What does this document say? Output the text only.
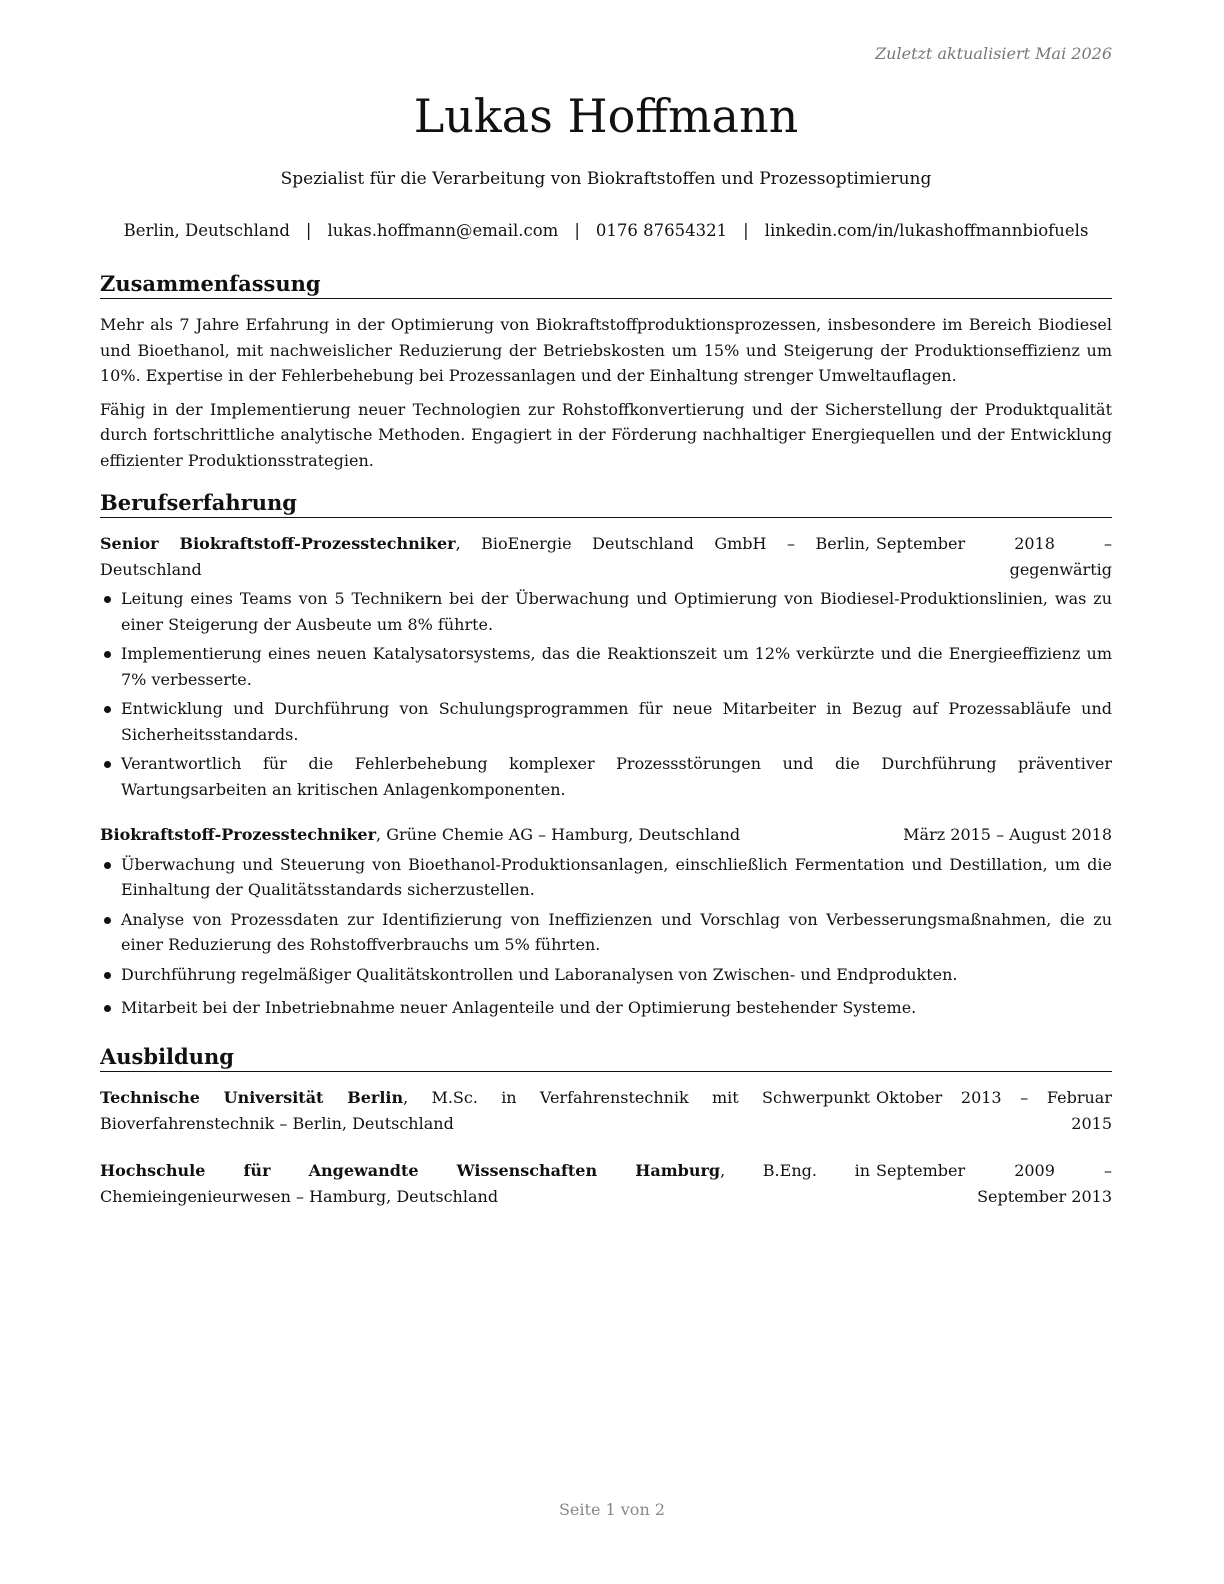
Zuletzt aktualisiert Mai 2026
Lukas Hoffmann
Spezialist für die Verarbeitung von Biokraftstoffen und Prozessoptimierung
Berlin, Deutschland | lukas.hoffmann@email.com | 0176 87654321 | linkedin.com/in/lukashoffmannbiofuels
Zusammenfassung

Mehr als 7 Jahre Erfahrung in der Optimierung von Biokraftstoffproduktionsprozessen, insbesondere im Bereich Biodiesel und Bioethanol, mit nachweislicher Reduzierung der Betriebskosten um 15% und Steigerung der Produktionseffizienz um 10%. Expertise in der Fehlerbehebung bei Prozessanlagen und der Einhaltung strenger Umweltauflagen.

Fähig in der Implementierung neuer Technologien zur Rohstoffkonvertierung und der Sicherstellung der Produktqualität durch fortschrittliche analytische Methoden. Engagiert in der Förderung nachhaltiger Energiequellen und der Entwicklung effizienter Produktionsstrategien.

Berufserfahrung
Senior Biokraftstoff-Prozesstechniker, BioEnergie Deutschland GmbH – Berlin, Deutschland
September 2018 – gegenwärtig
Leitung eines Teams von 5 Technikern bei der Überwachung und Optimierung von Biodiesel-Produktionslinien, was zu einer Steigerung der Ausbeute um 8% führte.
Implementierung eines neuen Katalysatorsystems, das die Reaktionszeit um 12% verkürzte und die Energieeffizienz um 7% verbesserte.
Entwicklung und Durchführung von Schulungsprogrammen für neue Mitarbeiter in Bezug auf Prozessabläufe und Sicherheitsstandards.
Verantwortlich für die Fehlerbehebung komplexer Prozessstörungen und die Durchführung präventiver Wartungsarbeiten an kritischen Anlagenkomponenten.
Biokraftstoff-Prozesstechniker, Grüne Chemie AG – Hamburg, Deutschland	März 2015 – August 2018
Überwachung und Steuerung von Bioethanol-Produktionsanlagen, einschließlich Fermentation und Destillation, um die Einhaltung der Qualitätsstandards sicherzustellen.
Analyse von Prozessdaten zur Identifizierung von Ineffizienzen und Vorschlag von Verbesserungsmaßnahmen, die zu einer Reduzierung des Rohstoffverbrauchs um 5% führten.
Durchführung regelmäßiger Qualitätskontrollen und Laboranalysen von Zwischen- und Endprodukten.
Mitarbeit bei der Inbetriebnahme neuer Anlagenteile und der Optimierung bestehender Systeme.
Ausbildung
Technische Universität Berlin, M.Sc. in Verfahrenstechnik mit Schwerpunkt Bioverfahrenstechnik – Berlin, Deutschland
Oktober 2013 – Februar 2015
Hochschule für Angewandte Wissenschaften Hamburg, B.Eng. in Chemieingenieurwesen – Hamburg, Deutschland
September 2009 – September 2013
Seite 1 von 2
